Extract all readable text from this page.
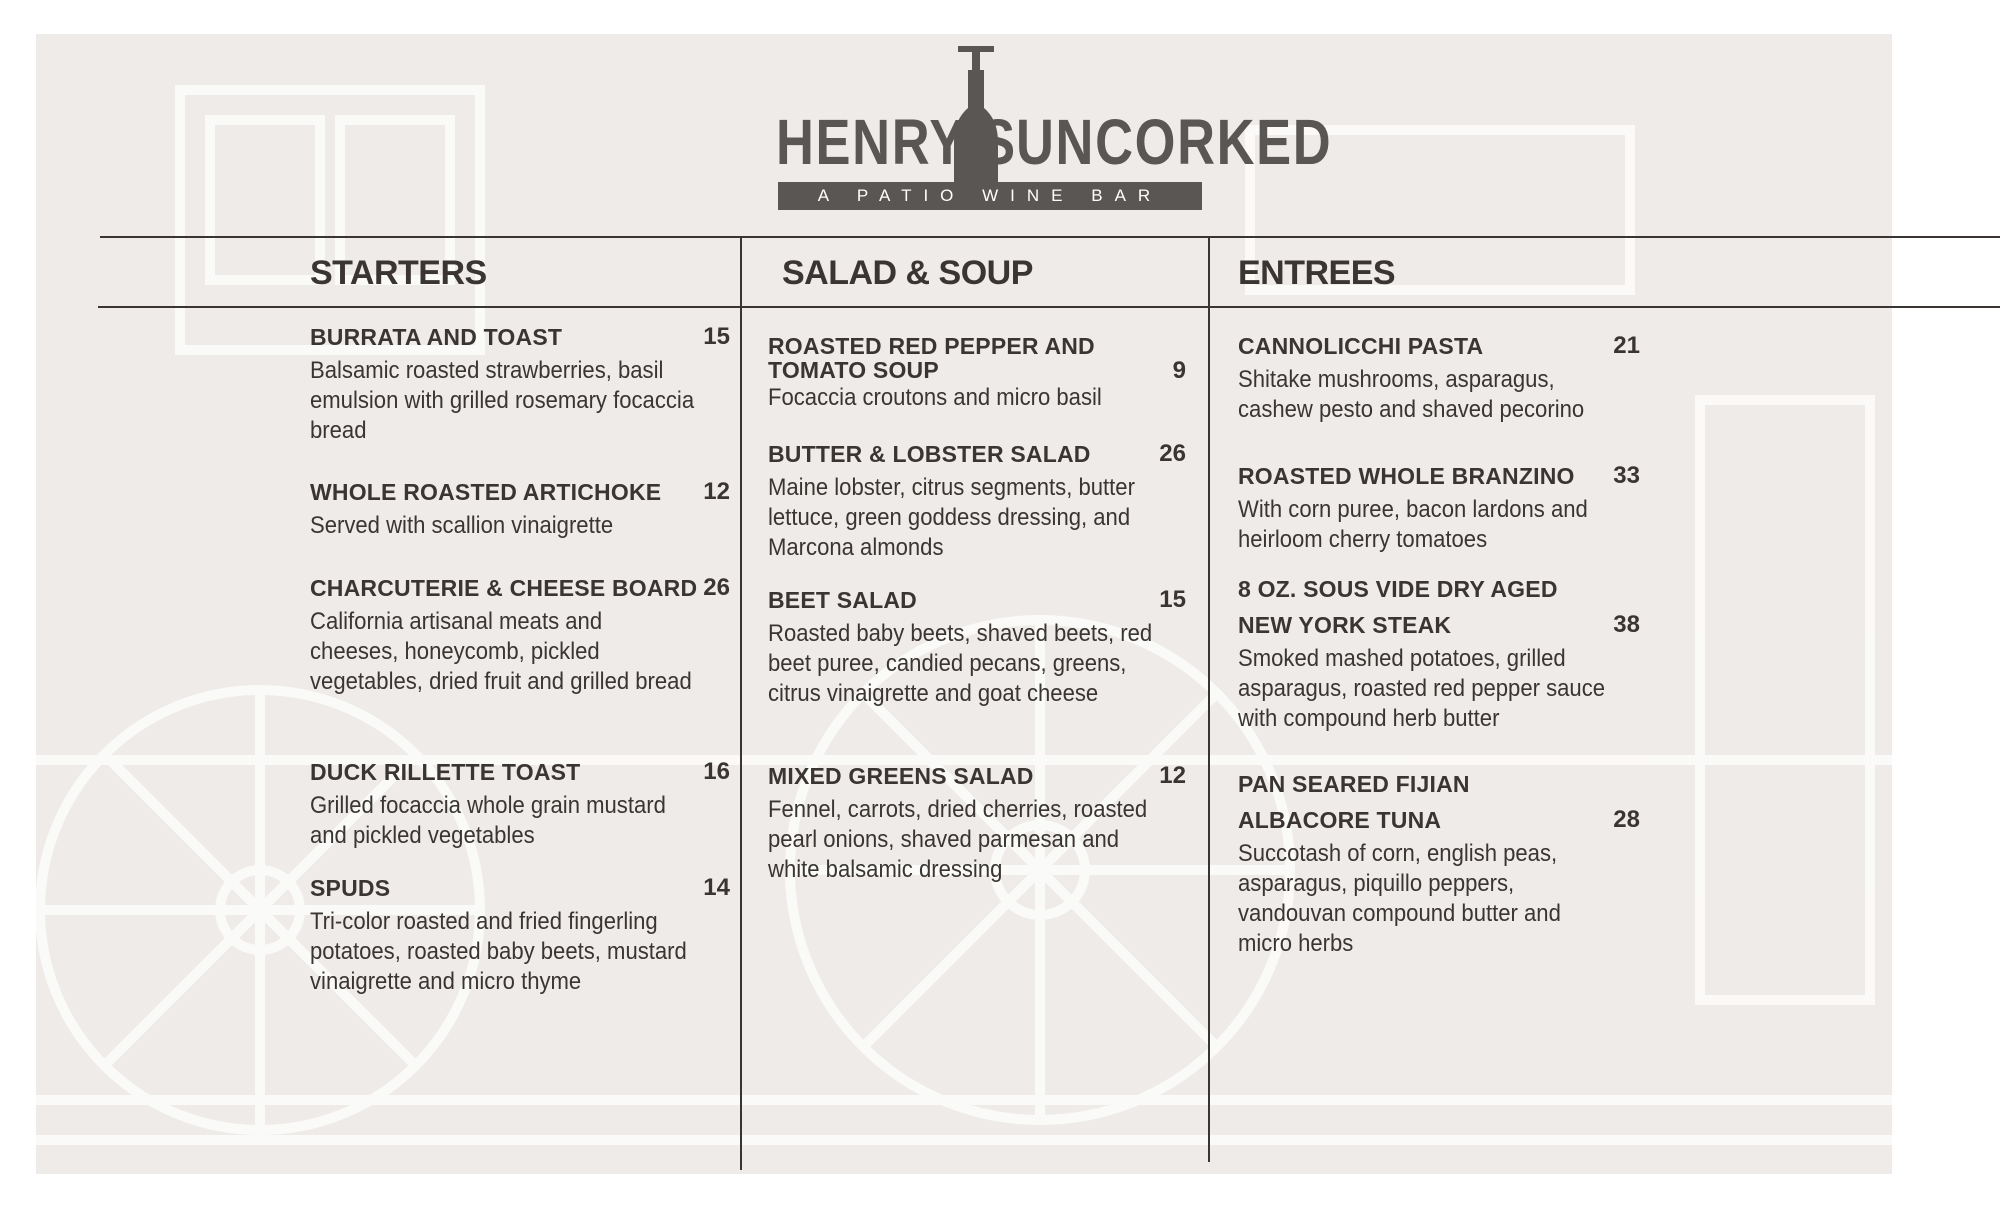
HENRY'S UNCORKED
A PATIO WINE BAR
STARTERS	SALAD & SOUP	ENTREES
BURRATA AND TOAST	15
Balsamic roasted strawberries, basil emulsion with grilled rosemary focaccia bread
WHOLE ROASTED ARTICHOKE 12
Served with scallion vinaigrette
CHARCUTERIE & CHEESE BOARD 26
California artisanal meats and cheeses, honeycomb, pickled vegetables, dried fruit and grilled bread
DUCK RILLETTE TOAST	16
Grilled focaccia whole grain mustard and pickled vegetables
SPUDS	14
Tri-color roasted and fried fingerling potatoes, roasted baby beets, mustard vinaigrette and micro thyme
ROASTED RED PEPPER AND
TOMATO SOUP	9
Focaccia croutons and micro basil
BUTTER & LOBSTER SALAD	26
Maine lobster, citrus segments, butter lettuce, green goddess dressing, and Marcona almonds
BEET SALAD	15
Roasted baby beets, shaved beets, red beet puree, candied pecans, greens, citrus vinaigrette and goat cheese
MIXED GREENS SALAD	12
Fennel, carrots, dried cherries, roasted pearl onions, shaved parmesan and white balsamic dressing
CANNOLICCHI PASTA	21
Shitake mushrooms, asparagus, cashew pesto and shaved pecorino
ROASTED WHOLE BRANZINO 33
With corn puree, bacon lardons and heirloom cherry tomatoes
8 OZ. SOUS VIDE DRY AGED
NEW YORK STEAK	38
Smoked mashed potatoes, grilled asparagus, roasted red pepper sauce with compound herb butter
PAN SEARED FIJIAN
ALBACORE TUNA	28
Succotash of corn, english peas, asparagus, piquillo peppers, vandouvan compound butter and micro herbs
